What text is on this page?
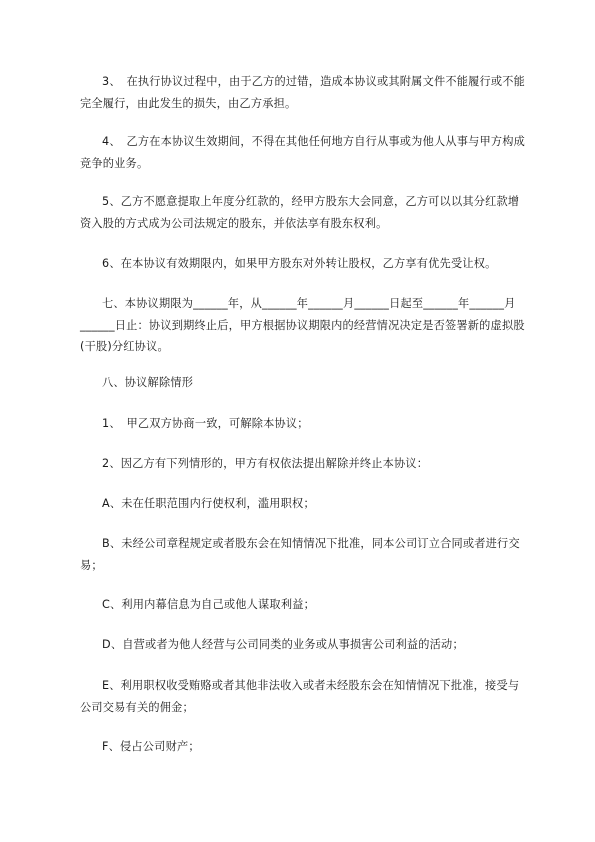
3、　在执行协议过程中，由于乙方的过错，造成本协议或其附属文件不能履行或不能完全履行，由此发生的损失，由乙方承担。

4、　乙方在本协议生效期间，不得在其他任何地方自行从事或为他人从事与甲方构成竞争的业务。

5、乙方不愿意提取上年度分红款的，经甲方股东大会同意，乙方可以以其分红款增资入股的方式成为公司法规定的股东，并依法享有股东权利。

6、在本协议有效期限内，如果甲方股东对外转让股权，乙方享有优先受让权。

七、本协议期限为______年，从______年______月______日起至______年______月______日止：协议到期终止后，甲方根据协议期限内的经营情况决定是否签署新的虚拟股(干股)分红协议。

八、协议解除情形

1、　甲乙双方协商一致，可解除本协议；

2、因乙方有下列情形的，甲方有权依法提出解除并终止本协议：

A、未在任职范围内行使权利，滥用职权；

B、未经公司章程规定或者股东会在知情情况下批准，同本公司订立合同或者进行交易；

C、利用内幕信息为自己或他人谋取利益；

D、自营或者为他人经营与公司同类的业务或从事损害公司利益的活动；

E、利用职权收受贿赂或者其他非法收入或者未经股东会在知情情况下批准，接受与公司交易有关的佣金；

F、侵占公司财产；
